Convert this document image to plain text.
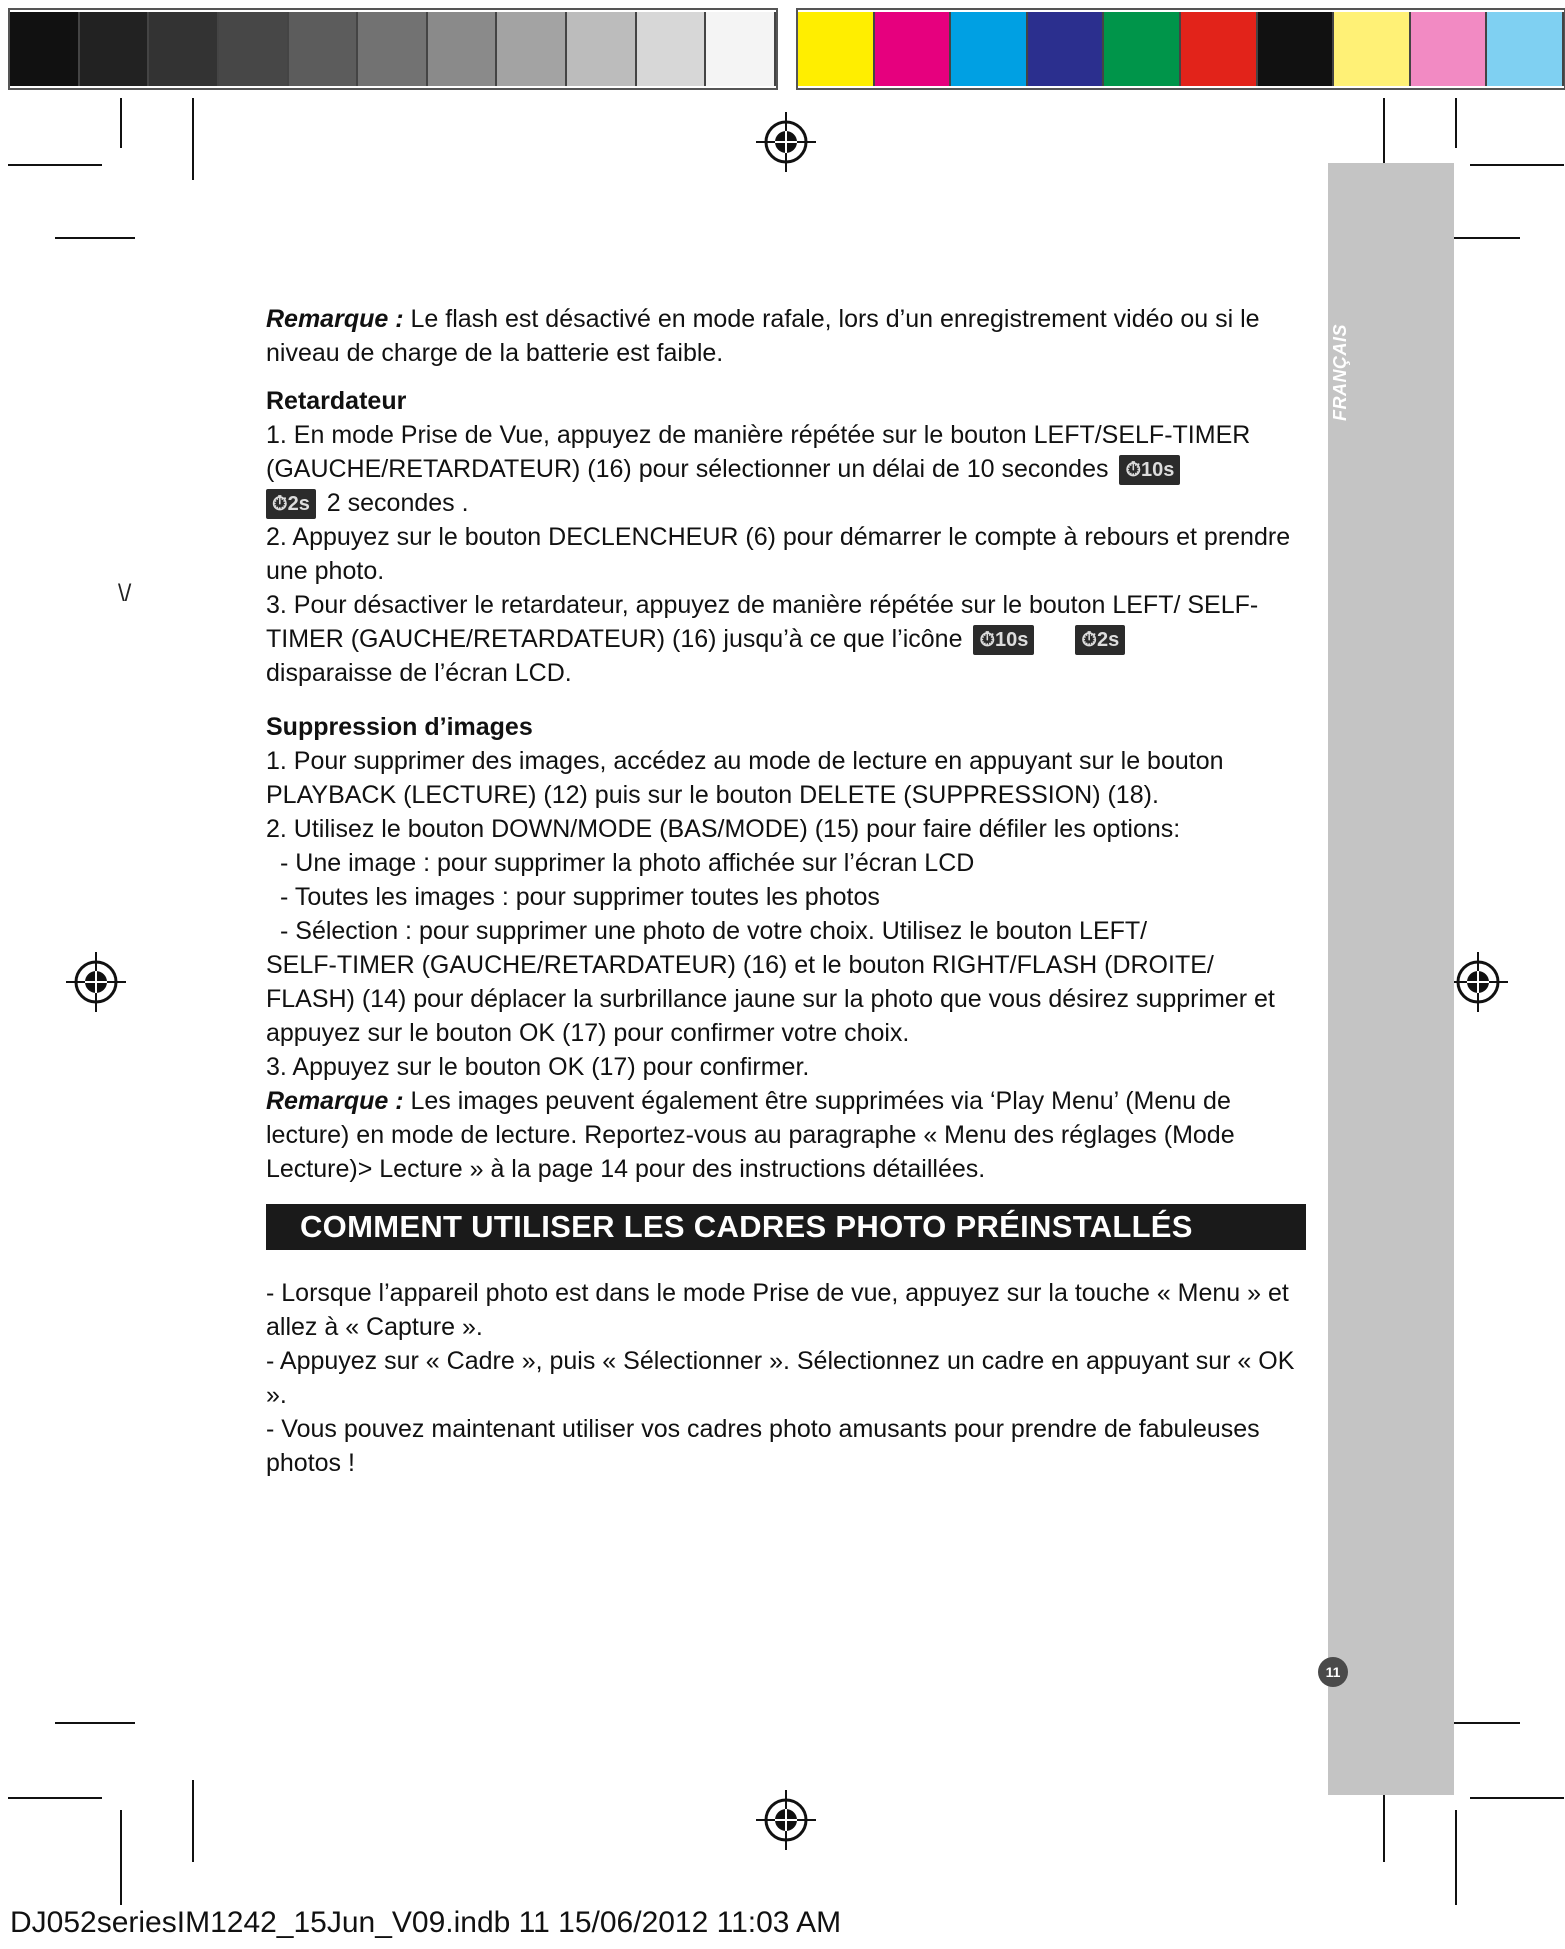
FRANÇAIS
11
\/

Remarque : Le flash est désactivé en mode rafale, lors d’un enregistrement vidéo ou si le niveau de charge de la batterie est faible.

Retardateur

1. En mode Prise de Vue, appuyez de manière répétée sur le bouton LEFT/SELF-TIMER (GAUCHE/RETARDATEUR) (16) pour sélectionner un délai de 10 secondes ⏱10s
⏱2s 2 secondes .

2. Appuyez sur le bouton DECLENCHEUR (6) pour démarrer le compte à rebours et prendre une photo.

3. Pour désactiver le retardateur, appuyez de manière répétée sur le bouton LEFT/ SELF-TIMER (GAUCHE/RETARDATEUR) (16) jusqu’à ce que l’icône ⏱10s	⏱2s
disparaisse de l’écran LCD.

Suppression d’images

1. Pour supprimer des images, accédez au mode de lecture en appuyant sur le bouton PLAYBACK (LECTURE) (12) puis sur le bouton DELETE (SUPPRESSION) (18).

2. Utilisez le bouton DOWN/MODE (BAS/MODE) (15) pour faire défiler les options:

- Une image : pour supprimer la photo affichée sur l’écran LCD

- Toutes les images : pour supprimer toutes les photos

- Sélection : pour supprimer une photo de votre choix. Utilisez le bouton LEFT/

SELF-TIMER (GAUCHE/RETARDATEUR) (16) et le bouton RIGHT/FLASH (DROITE/ FLASH) (14) pour déplacer la surbrillance jaune sur la photo que vous désirez supprimer et appuyez sur le bouton OK (17) pour confirmer votre choix.

3. Appuyez sur le bouton OK (17) pour confirmer.

Remarque : Les images peuvent également être supprimées via ‘Play Menu’ (Menu de lecture) en mode de lecture. Reportez-vous au paragraphe « Menu des réglages (Mode Lecture)> Lecture » à la page 14 pour des instructions détaillées.

COMMENT UTILISER LES CADRES PHOTO PRÉINSTALLÉS

- Lorsque l’appareil photo est dans le mode Prise de vue, appuyez sur la touche « Menu » et allez à « Capture ».

- Appuyez sur « Cadre », puis « Sélectionner ». Sélectionnez un cadre en appuyant sur « OK ».

- Vous pouvez maintenant utiliser vos cadres photo amusants pour prendre de fabuleuses photos !

DJ052seriesIM1242_15Jun_V09.indb 11 15/06/2012 11:03 AM
